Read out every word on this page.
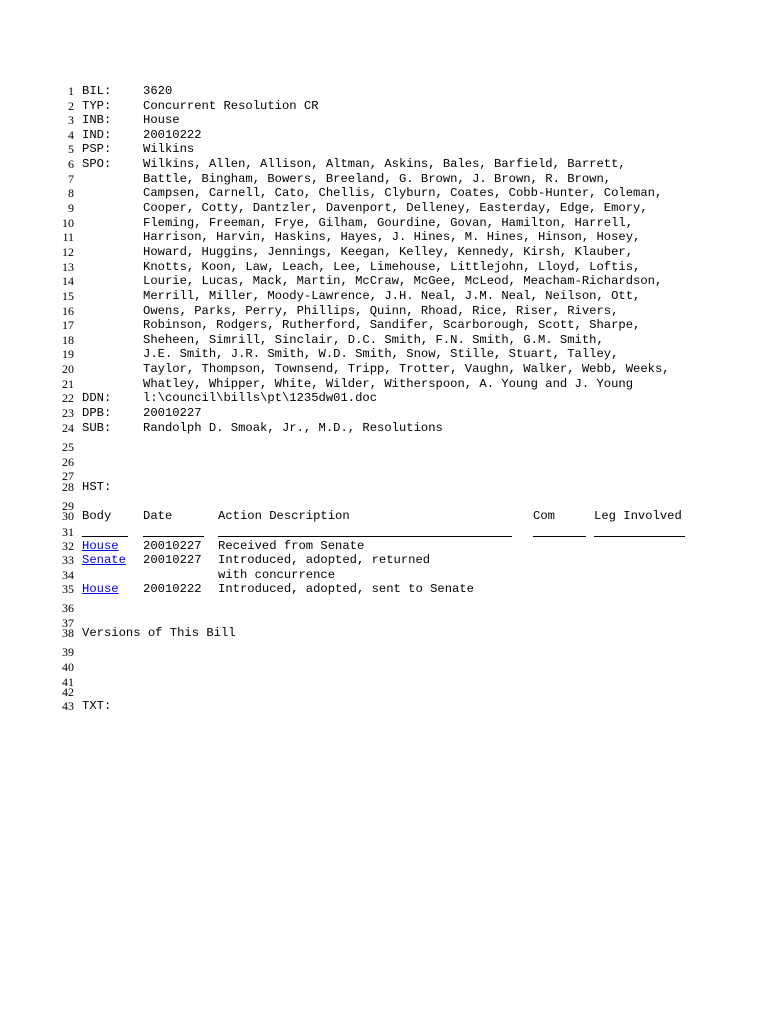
1
2
3
4
5
6
7
8
9
10
11
12
13
14
15
16
17
18
19
20
21
22
23
24
25
26
27
28
29
30
31
32
33
34
35
36
37
38
39
40
41
42
43
BIL:	3620
TYP:	Concurrent Resolution CR
INB:	House
IND:	20010222
PSP:	Wilkins
SPO:	Wilkins, Allen, Allison, Altman, Askins, Bales, Barfield, Barrett,
Battle, Bingham, Bowers, Breeland, G. Brown, J. Brown, R. Brown,
Campsen, Carnell, Cato, Chellis, Clyburn, Coates, Cobb-Hunter, Coleman,
Cooper, Cotty, Dantzler, Davenport, Delleney, Easterday, Edge, Emory,
Fleming, Freeman, Frye, Gilham, Gourdine, Govan, Hamilton, Harrell,
Harrison, Harvin, Haskins, Hayes, J. Hines, M. Hines, Hinson, Hosey,
Howard, Huggins, Jennings, Keegan, Kelley, Kennedy, Kirsh, Klauber,
Knotts, Koon, Law, Leach, Lee, Limehouse, Littlejohn, Lloyd, Loftis,
Lourie, Lucas, Mack, Martin, McCraw, McGee, McLeod, Meacham-Richardson,
Merrill, Miller, Moody-Lawrence, J.H. Neal, J.M. Neal, Neilson, Ott,
Owens, Parks, Perry, Phillips, Quinn, Rhoad, Rice, Riser, Rivers,
Robinson, Rodgers, Rutherford, Sandifer, Scarborough, Scott, Sharpe,
Sheheen, Simrill, Sinclair, D.C. Smith, F.N. Smith, G.M. Smith,
J.E. Smith, J.R. Smith, W.D. Smith, Snow, Stille, Stuart, Talley,
Taylor, Thompson, Townsend, Tripp, Trotter, Vaughn, Walker, Webb, Weeks,
Whatley, Whipper, White, Wilder, Witherspoon, A. Young and J. Young
DDN:	l:\council\bills\pt\1235dw01.doc
DPB:	20010227
SUB:	Randolph D. Smoak, Jr., M.D., Resolutions
HST:
Body	Date	Action Description	Com	Leg Involved
House 20010227 Received from Senate
Senate 20010227 Introduced, adopted, returned
with concurrence
House 20010222 Introduced, adopted, sent to Senate
Versions of This Bill
TXT:
